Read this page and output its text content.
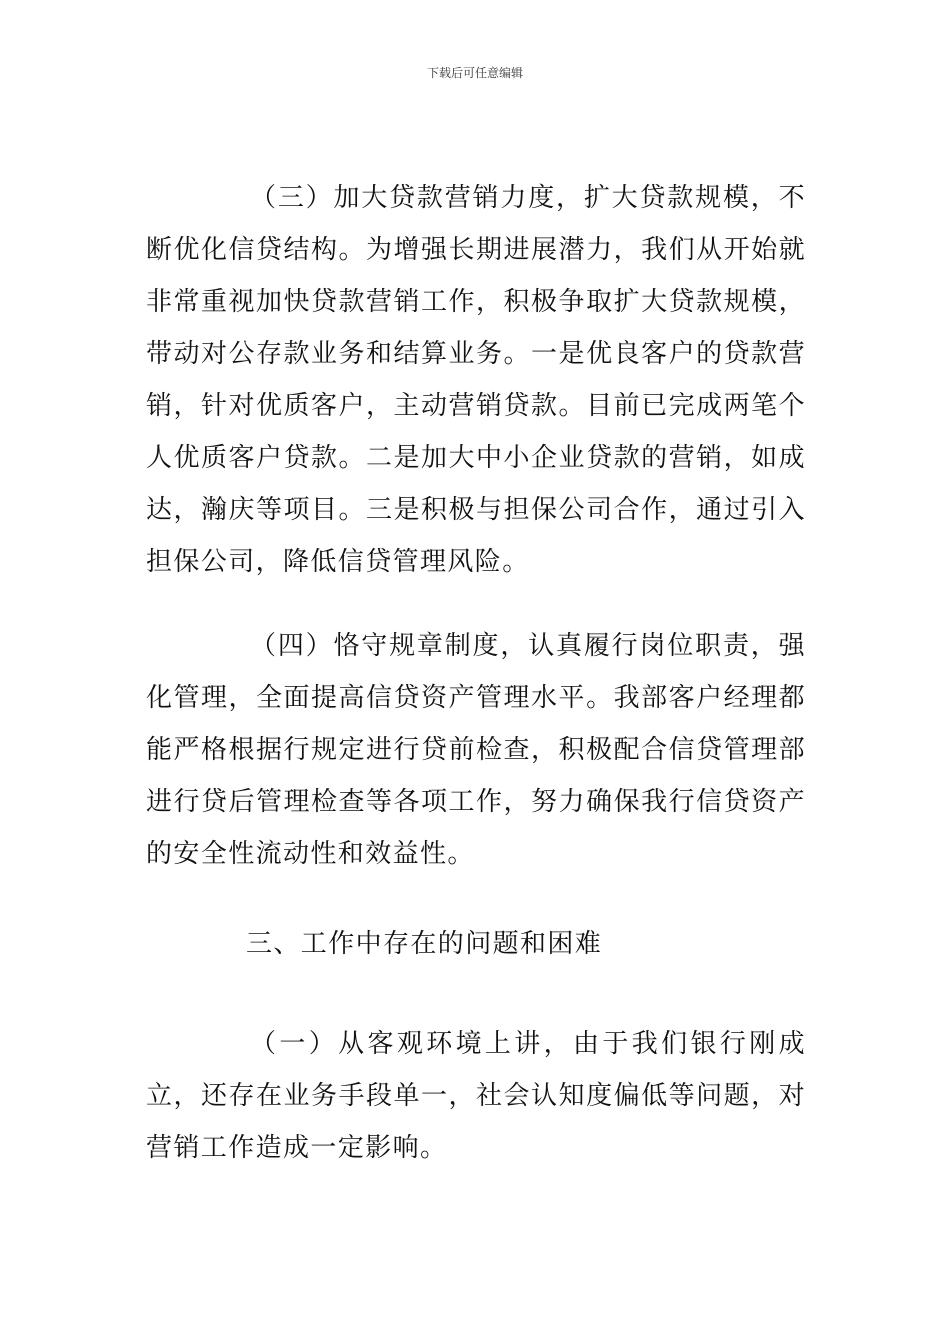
下载后可任意编辑

（三）加大贷款营销力度，扩大贷款规模，不断优化信贷结构。为增强长期进展潜力，我们从开始就非常重视加快贷款营销工作，积极争取扩大贷款规模，带动对公存款业务和结算业务。一是优良客户的贷款营销，针对优质客户，主动营销贷款。目前已完成两笔个人优质客户贷款。二是加大中小企业贷款的营销，如成达，瀚庆等项目。三是积极与担保公司合作，通过引入担保公司，降低信贷管理风险。

（四）恪守规章制度，认真履行岗位职责，强化管理，全面提高信贷资产管理水平。我部客户经理都能严格根据行规定进行贷前检查，积极配合信贷管理部进行贷后管理检查等各项工作，努力确保我行信贷资产的安全性流动性和效益性。

三、工作中存在的问题和困难

（一）从客观环境上讲，由于我们银行刚成立，还存在业务手段单一，社会认知度偏低等问题，对营销工作造成一定影响。
